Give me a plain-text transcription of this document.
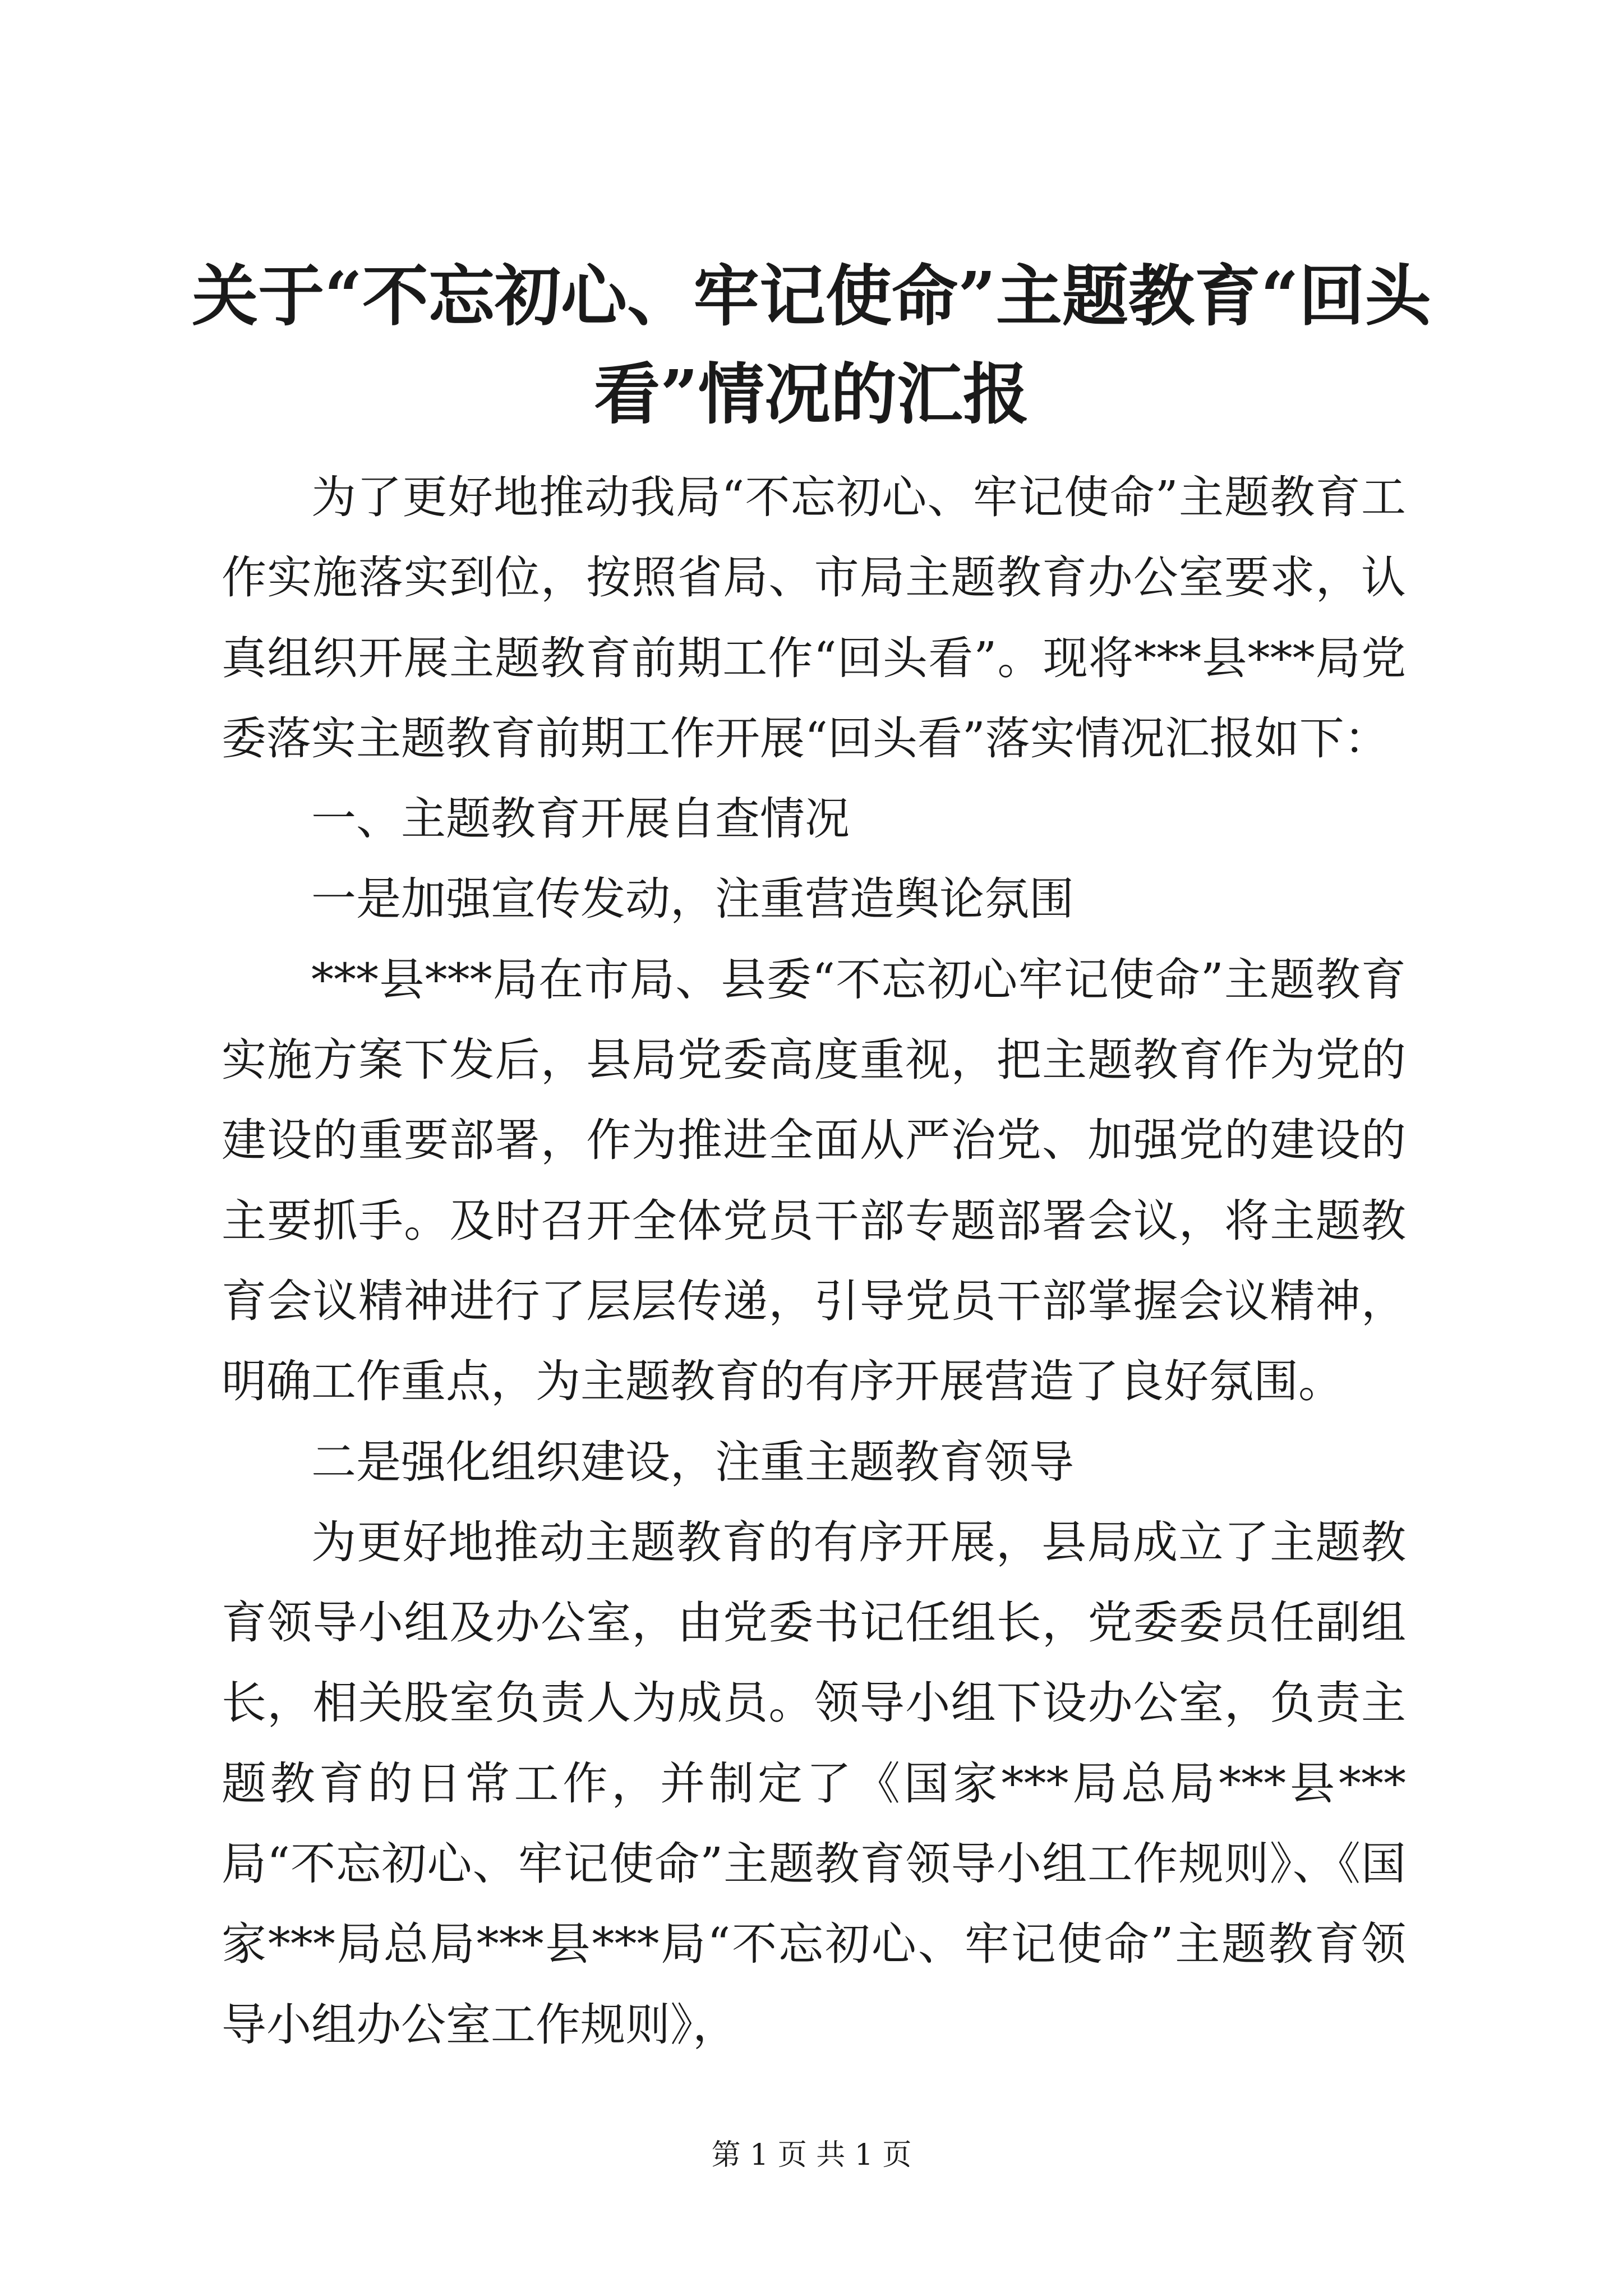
关于“不忘初心、牢记使命”主题教育“回头看”情况的汇报

为了更好地推动我局“不忘初心、牢记使命”主题教育工作实施落实到位，按照省局、市局主题教育办公室要求，认真组织开展主题教育前期工作“回头看”。现将***县***局党委落实主题教育前期工作开展“回头看”落实情况汇报如下：

一、主题教育开展自查情况

一是加强宣传发动，注重营造舆论氛围

***县***局在市局、县委“不忘初心牢记使命”主题教育实施方案下发后，县局党委高度重视，把主题教育作为党的建设的重要部署，作为推进全面从严治党、加强党的建设的主要抓手。及时召开全体党员干部专题部署会议，将主题教育会议精神进行了层层传递，引导党员干部掌握会议精神，明确工作重点，为主题教育的有序开展营造了良好氛围。

二是强化组织建设，注重主题教育领导

为更好地推动主题教育的有序开展，县局成立了主题教育领导小组及办公室，由党委书记任组长，党委委员任副组长，相关股室负责人为成员。领导小组下设办公室，负责主题教育的日常工作，并制定了《国家***局总局***县***局“不忘初心、牢记使命”主题教育领导小组工作规则》、《国家***局总局***县***局“不忘初心、牢记使命”主题教育领导小组办公室工作规则》，

第 1 页 共 1 页
